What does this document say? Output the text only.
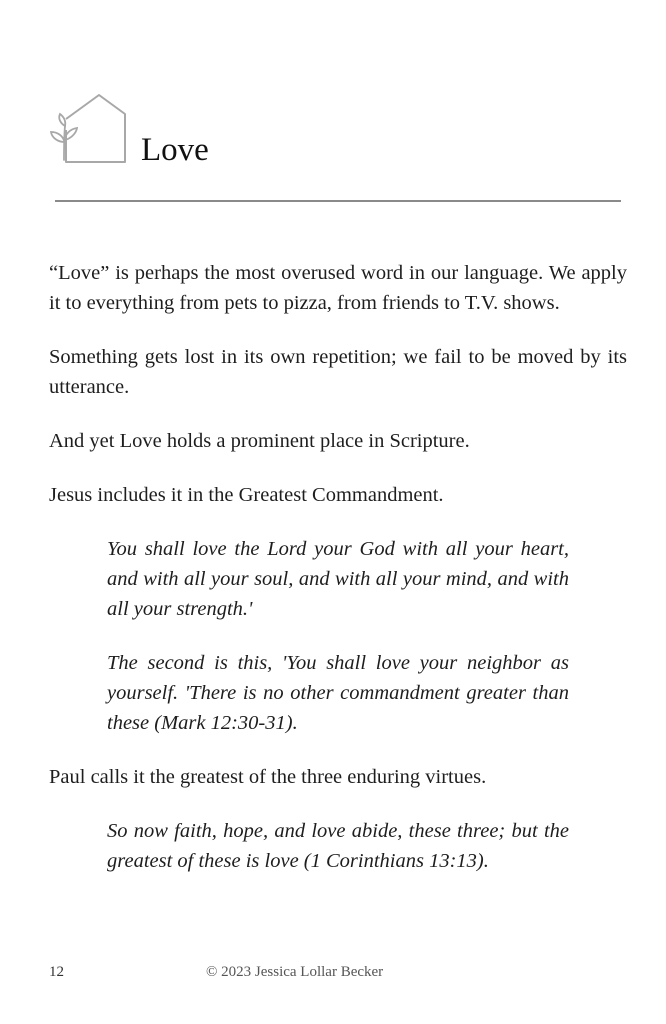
Love

“Love” is perhaps the most overused word in our language. We apply it to everything from pets to pizza, from friends to T.V. shows.

Something gets lost in its own repetition; we fail to be moved by its utterance.

And yet Love holds a prominent place in Scripture.

Jesus includes it in the Greatest Commandment.

You shall love the Lord your God with all your heart, and with all your soul, and with all your mind, and with all your strength.'

The second is this, 'You shall love your neighbor as yourself. 'There is no other commandment greater than these (Mark 12:30-31).

Paul calls it the greatest of the three enduring virtues.

So now faith, hope, and love abide, these three; but the greatest of these is love (1 Corinthians 13:13).

12	© 2023 Jessica Lollar Becker
